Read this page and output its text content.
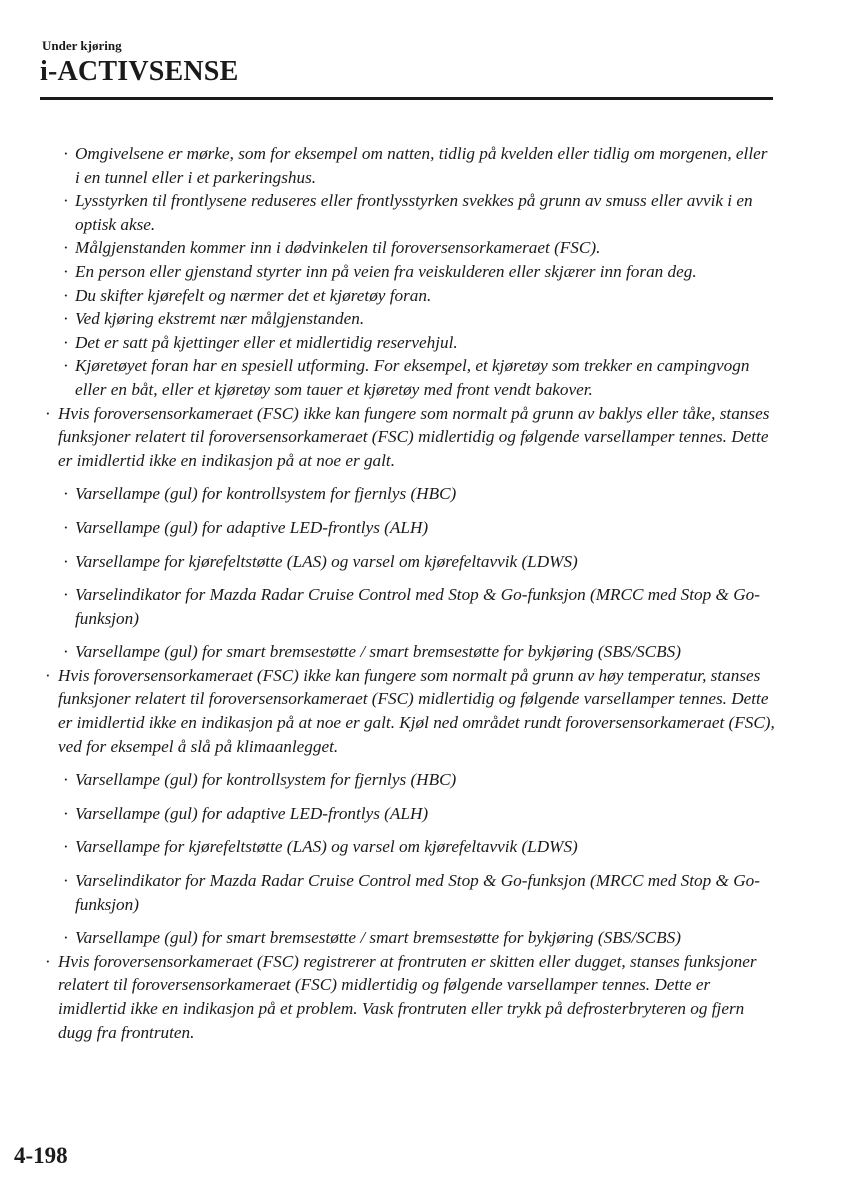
Under kjøring
i-ACTIVSENSE
· Omgivelsene er mørke, som for eksempel om natten, tidlig på kvelden eller tidlig om morgenen, eller i en tunnel eller i et parkeringshus.
· Lysstyrken til frontlysene reduseres eller frontlysstyrken svekkes på grunn av smuss eller avvik i en optisk akse.
· Målgjenstanden kommer inn i dødvinkelen til foroversensorkameraet (FSC).
· En person eller gjenstand styrter inn på veien fra veiskulderen eller skjærer inn foran deg.
· Du skifter kjørefelt og nærmer det et kjøretøy foran.
· Ved kjøring ekstremt nær målgjenstanden.
· Det er satt på kjettinger eller et midlertidig reservehjul.
· Kjøretøyet foran har en spesiell utforming. For eksempel, et kjøretøy som trekker en campingvogn eller en båt, eller et kjøretøy som tauer et kjøretøy med front vendt bakover.
· Hvis foroversensorkameraet (FSC) ikke kan fungere som normalt på grunn av baklys eller tåke, stanses funksjoner relatert til foroversensorkameraet (FSC) midlertidig og følgende varsellamper tennes. Dette er imidlertid ikke en indikasjon på at noe er galt.
· Varsellampe (gul) for kontrollsystem for fjernlys (HBC)
· Varsellampe (gul) for adaptive LED-frontlys (ALH)
· Varsellampe for kjørefeltstøtte (LAS) og varsel om kjørefeltavvik (LDWS)
· Varselindikator for Mazda Radar Cruise Control med Stop & Go-funksjon (MRCC med Stop & Go-funksjon)
· Varsellampe (gul) for smart bremsestøtte / smart bremsestøtte for bykjøring (SBS/SCBS)
· Hvis foroversensorkameraet (FSC) ikke kan fungere som normalt på grunn av høy temperatur, stanses funksjoner relatert til foroversensorkameraet (FSC) midlertidig og følgende varsellamper tennes. Dette er imidlertid ikke en indikasjon på at noe er galt. Kjøl ned området rundt foroversensorkameraet (FSC), ved for eksempel å slå på klimaanlegget.
· Varsellampe (gul) for kontrollsystem for fjernlys (HBC)
· Varsellampe (gul) for adaptive LED-frontlys (ALH)
· Varsellampe for kjørefeltstøtte (LAS) og varsel om kjørefeltavvik (LDWS)
· Varselindikator for Mazda Radar Cruise Control med Stop & Go-funksjon (MRCC med Stop & Go-funksjon)
· Varsellampe (gul) for smart bremsestøtte / smart bremsestøtte for bykjøring (SBS/SCBS)
· Hvis foroversensorkameraet (FSC) registrerer at frontruten er skitten eller dugget, stanses funksjoner relatert til foroversensorkameraet (FSC) midlertidig og følgende varsellamper tennes. Dette er imidlertid ikke en indikasjon på et problem. Vask frontruten eller trykk på defrosterbryteren og fjern dugg fra frontruten.
4-198
